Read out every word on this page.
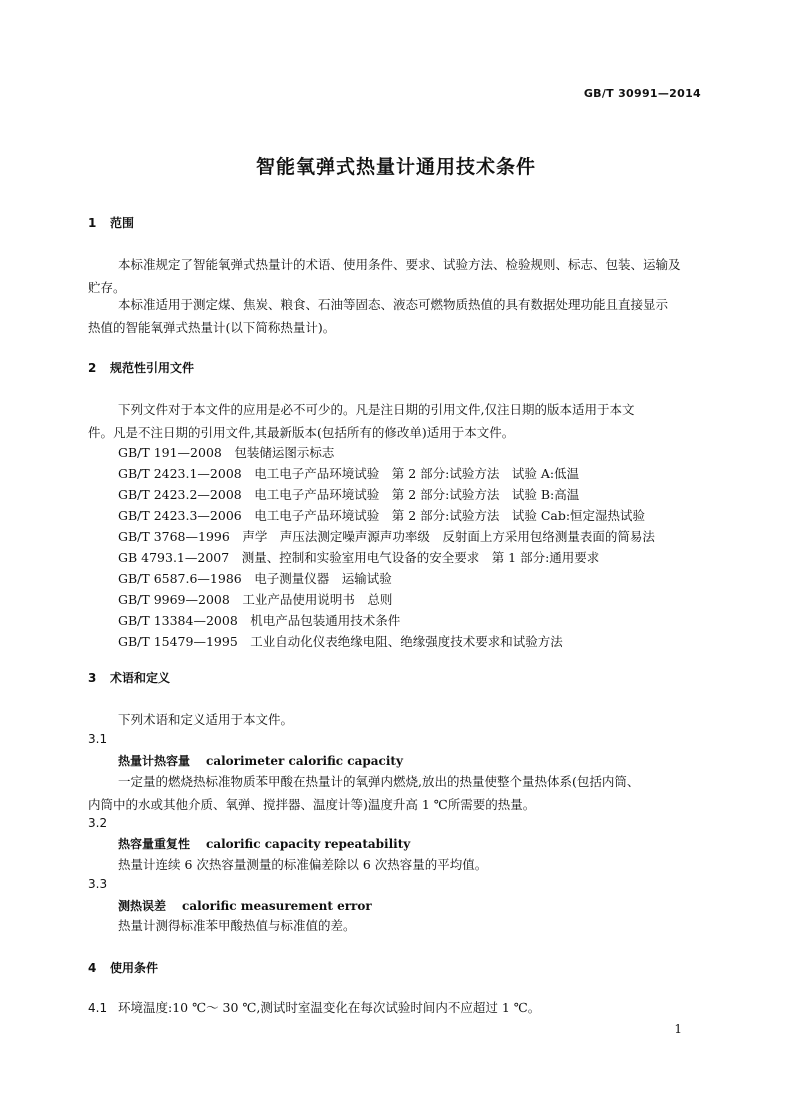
GB/T 30991—2014
智能氧弹式热量计通用技术条件
1 范围
本标准规定了智能氧弹式热量计的术语、使用条件、要求、试验方法、检验规则、标志、包装、运输及
贮存。
本标准适用于测定煤、焦炭、粮食、石油等固态、液态可燃物质热值的具有数据处理功能且直接显示
热值的智能氧弹式热量计(以下简称热量计)。
2 规范性引用文件
下列文件对于本文件的应用是必不可少的。凡是注日期的引用文件,仅注日期的版本适用于本文
件。凡是不注日期的引用文件,其最新版本(包括所有的修改单)适用于本文件。
GB/T 191—2008　包装储运图示标志
GB/T 2423.1—2008　电工电子产品环境试验　第 2 部分:试验方法　试验 A:低温
GB/T 2423.2—2008　电工电子产品环境试验　第 2 部分:试验方法　试验 B:高温
GB/T 2423.3—2006　电工电子产品环境试验　第 2 部分:试验方法　试验 Cab:恒定湿热试验
GB/T 3768—1996　声学　声压法测定噪声源声功率级　反射面上方采用包络测量表面的简易法
GB 4793.1—2007　测量、控制和实验室用电气设备的安全要求　第 1 部分:通用要求
GB/T 6587.6—1986　电子测量仪器　运输试验
GB/T 9969—2008　工业产品使用说明书　总则
GB/T 13384—2008　机电产品包装通用技术条件
GB/T 15479—1995　工业自动化仪表绝缘电阻、绝缘强度技术要求和试验方法
3 术语和定义
下列术语和定义适用于本文件。
3.1
热量计热容量 calorimeter calorific capacity
一定量的燃烧热标准物质苯甲酸在热量计的氧弹内燃烧,放出的热量使整个量热体系(包括内筒、
内筒中的水或其他介质、氧弹、搅拌器、温度计等)温度升高 1 ℃所需要的热量。
3.2
热容量重复性 calorific capacity repeatability
热量计连续 6 次热容量测量的标准偏差除以 6 次热容量的平均值。
3.3
测热误差 calorific measurement error
热量计测得标准苯甲酸热值与标准值的差。
4 使用条件
4.1 环境温度:10 ℃～ 30 ℃,测试时室温变化在每次试验时间内不应超过 1 ℃。
1
